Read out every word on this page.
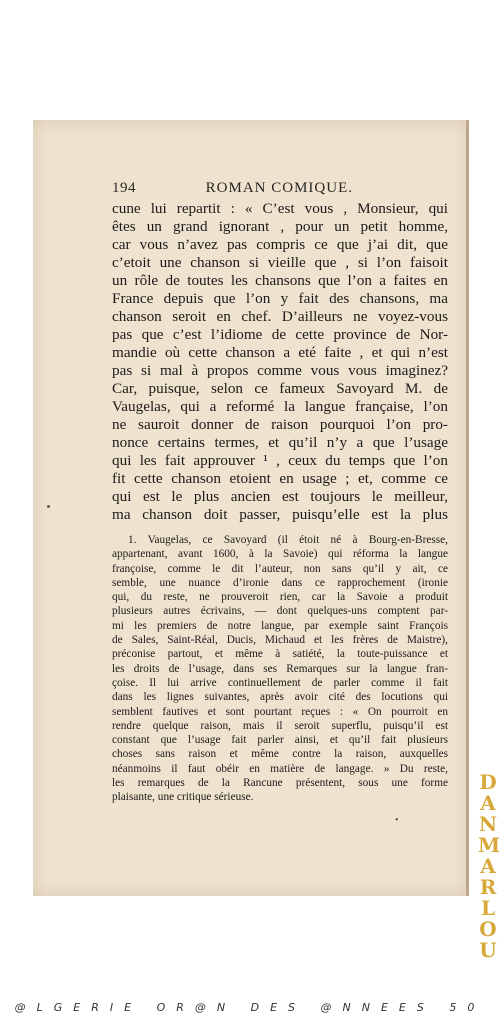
194	ROMAN COMIQUE.
cune lui repartit : « C’est vous , Monsieur, qui
êtes un grand ignorant , pour un petit homme,
car vous n’avez pas compris ce que j’ai dit, que
c’etoit une chanson si vieille que , si l’on faisoit
un rôle de toutes les chansons que l’on a faites en
France depuis que l’on y fait des chansons, ma
chanson seroit en chef. D’ailleurs ne voyez-vous
pas que c’est l’idiome de cette province de Nor-
mandie où cette chanson a eté faite , et qui n’est
pas si mal à propos comme vous vous imaginez?
Car, puisque, selon ce fameux Savoyard M. de
Vaugelas, qui a reformé la langue française, l’on
ne sauroit donner de raison pourquoi l’on pro-
nonce certains termes, et qu’il n’y a que l’usage
qui les fait approuver ¹ , ceux du temps que l’on
fit cette chanson etoient en usage ; et, comme ce
qui est le plus ancien est toujours le meilleur,
ma chanson doit passer, puisqu’elle est la plus
1. Vaugelas, ce Savoyard (il étoit né à Bourg-en-Bresse,
appartenant, avant 1600, à la Savoie) qui réforma la langue
françoise, comme le dit l’auteur, non sans qu’il y ait, ce
semble, une nuance d’ironie dans ce rapprochement (ironie
qui, du reste, ne prouveroit rien, car la Savoie a produit
plusieurs autres écrivains, — dont quelques-uns comptent par-
mi les premiers de notre langue, par exemple saint François
de Sales, Saint-Réal, Ducis, Michaud et les frères de Maistre),
préconise partout, et même à satiété, la toute-puissance et
les droits de l’usage, dans ses Remarques sur la langue fran-
çoise. Il lui arrive continuellement de parler comme il fait
dans les lignes suivantes, après avoir cité des locutions qui
semblent fautives et sont pourtant reçues : « On pourroit en
rendre quelque raison, mais il seroit superflu, puisqu’il est
constant que l’usage fait parler ainsi, et qu’il fait plusieurs
choses sans raison et même contre la raison, auxquelles
néanmoins il faut obéir en matière de langage. » Du reste,
les remarques de la Rancune présentent, sous une forme
plaisante, une critique sérieuse.
•
D
A
N
M
A
R
L
O
U
@LGERIE OR@N DES @NNEES 50
